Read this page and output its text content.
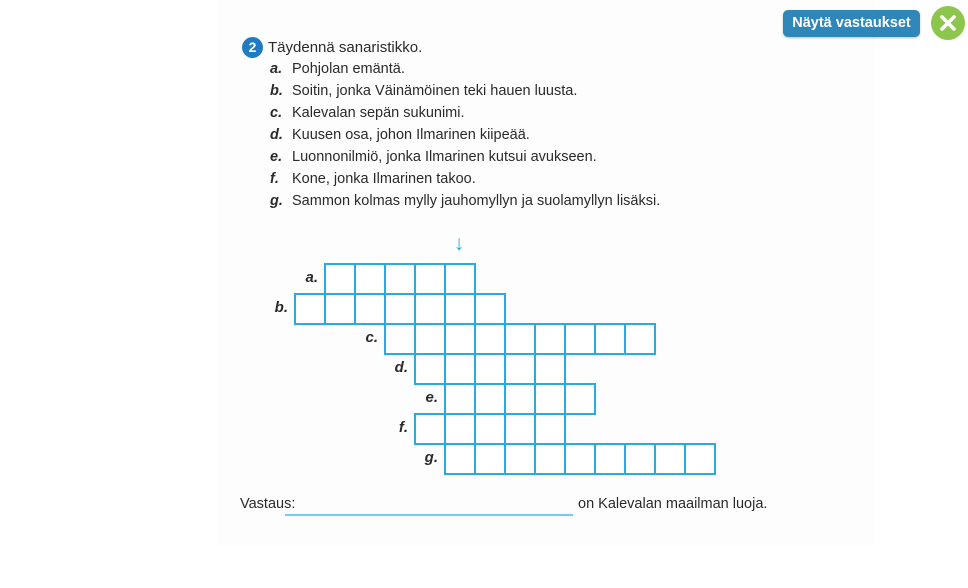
Näytä vastaukset
2 Täydennä sanaristikko.
a. Pohjolan emäntä.
b. Soitin, jonka Väinämöinen teki hauen luusta.
c. Kalevalan sepän sukunimi.
d. Kuusen osa, johon Ilmarinen kiipeää.
e. Luonnonilmiö, jonka Ilmarinen kutsui avukseen.
f. Kone, jonka Ilmarinen takoo.
g. Sammon kolmas mylly jauhomyllyn ja suolamyllyn lisäksi.
↓
a.
b.
c.
d.
e.
f.
g.
Vastaus:	on Kalevalan maailman luoja.
